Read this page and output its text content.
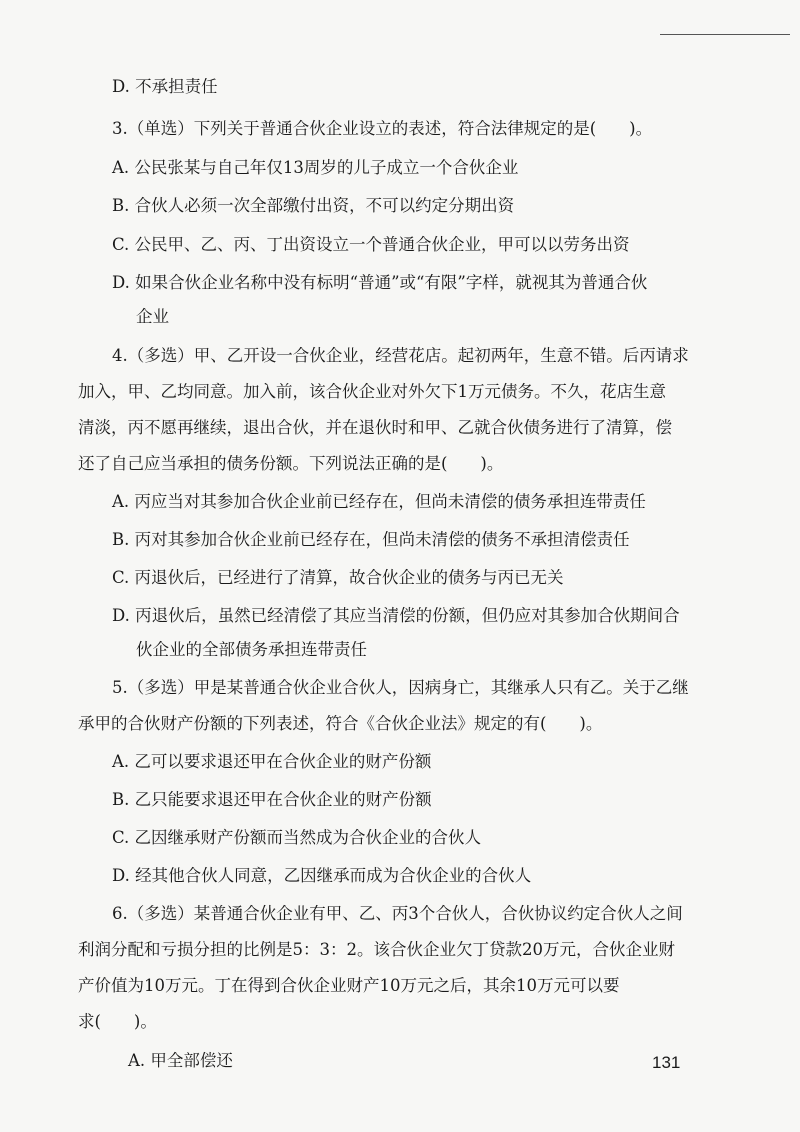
D. 不承担责任
3.（单选）下列关于普通合伙企业设立的表述，符合法律规定的是(　　)。
A. 公民张某与自己年仅13周岁的儿子成立一个合伙企业
B. 合伙人必须一次全部缴付出资，不可以约定分期出资
C. 公民甲、乙、丙、丁出资设立一个普通合伙企业，甲可以以劳务出资
D. 如果合伙企业名称中没有标明“普通”或“有限”字样，就视其为普通合伙
企业
4.（多选）甲、乙开设一合伙企业，经营花店。起初两年，生意不错。后丙请求
加入，甲、乙均同意。加入前，该合伙企业对外欠下1万元债务。不久，花店生意
清淡，丙不愿再继续，退出合伙，并在退伙时和甲、乙就合伙债务进行了清算，偿
还了自己应当承担的债务份额。下列说法正确的是(　　)。
A. 丙应当对其参加合伙企业前已经存在，但尚未清偿的债务承担连带责任
B. 丙对其参加合伙企业前已经存在，但尚未清偿的债务不承担清偿责任
C. 丙退伙后，已经进行了清算，故合伙企业的债务与丙已无关
D. 丙退伙后，虽然已经清偿了其应当清偿的份额，但仍应对其参加合伙期间合
伙企业的全部债务承担连带责任
5.（多选）甲是某普通合伙企业合伙人，因病身亡，其继承人只有乙。关于乙继
承甲的合伙财产份额的下列表述，符合《合伙企业法》规定的有(　　)。
A. 乙可以要求退还甲在合伙企业的财产份额
B. 乙只能要求退还甲在合伙企业的财产份额
C. 乙因继承财产份额而当然成为合伙企业的合伙人
D. 经其他合伙人同意，乙因继承而成为合伙企业的合伙人
6.（多选）某普通合伙企业有甲、乙、丙3个合伙人，合伙协议约定合伙人之间
利润分配和亏损分担的比例是5：3：2。该合伙企业欠丁贷款20万元，合伙企业财
产价值为10万元。丁在得到合伙企业财产10万元之后，其余10万元可以要
求(　　)。
A. 甲全部偿还	131
